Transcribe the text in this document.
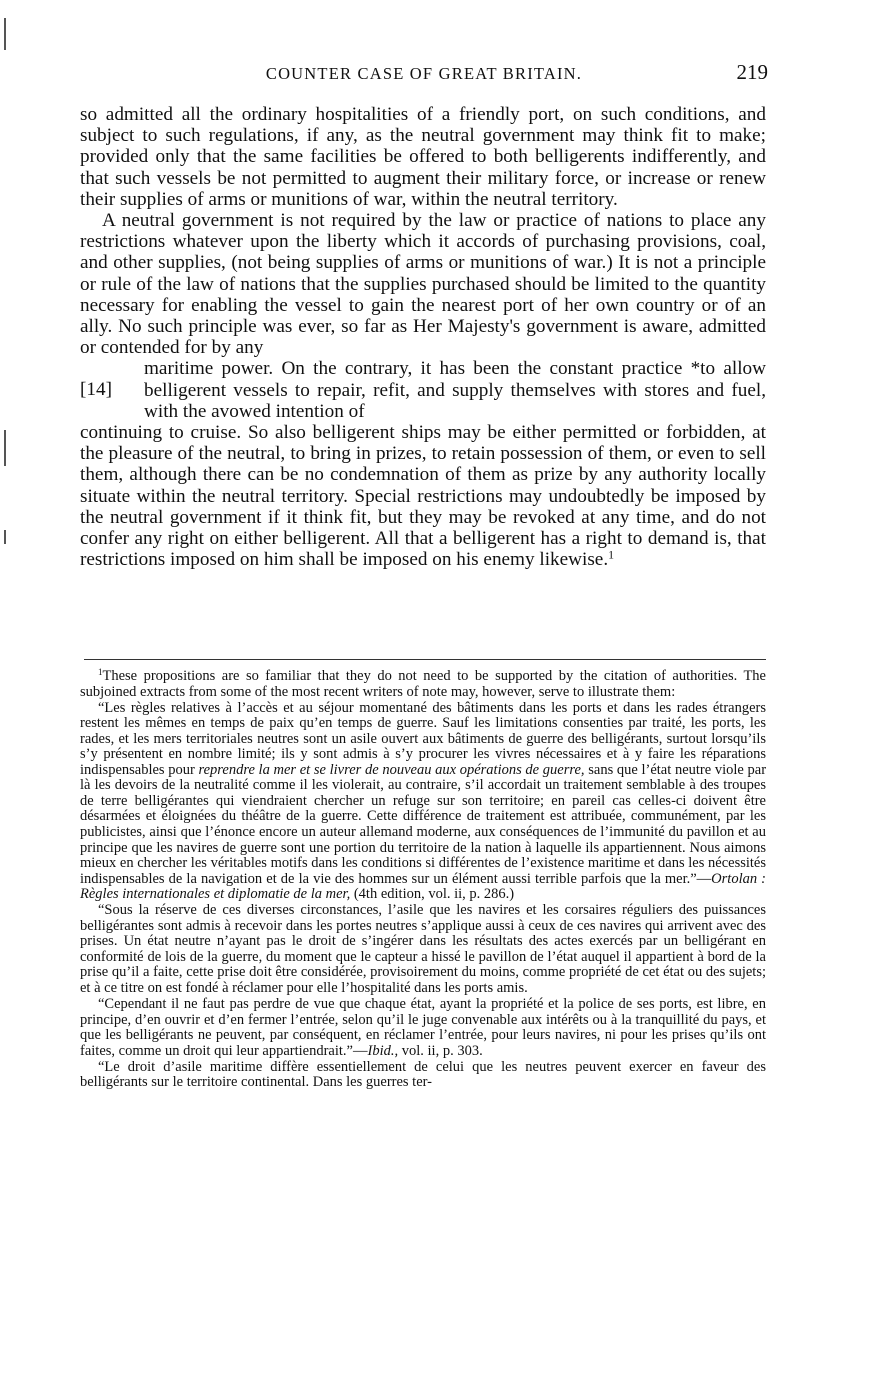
COUNTER CASE OF GREAT BRITAIN.	219

so admitted all the ordinary hospitalities of a friendly port, on such conditions, and subject to such regulations, if any, as the neutral government may think fit to make; provided only that the same facilities be offered to both belligerents indifferently, and that such vessels be not permitted to augment their military force, or increase or renew their supplies of arms or munitions of war, within the neutral territory.

A neutral government is not required by the law or practice of nations to place any restrictions whatever upon the liberty which it accords of purchasing provisions, coal, and other supplies, (not being supplies of arms or munitions of war.) It is not a principle or rule of the law of nations that the supplies purchased should be limited to the quantity necessary for enabling the vessel to gain the nearest port of her own country or of an ally. No such principle was ever, so far as Her Majesty's government is aware, admitted or contended for by any

[14]

maritime power. On the contrary, it has been the constant practice *to allow belligerent vessels to repair, refit, and supply themselves with stores and fuel, with the avowed intention of

continuing to cruise. So also belligerent ships may be either permitted or forbidden, at the pleasure of the neutral, to bring in prizes, to retain possession of them, or even to sell them, although there can be no condemnation of them as prize by any authority locally situate within the neutral territory. Special restrictions may undoubtedly be imposed by the neutral government if it think fit, but they may be revoked at any time, and do not confer any right on either belligerent. All that a belligerent has a right to demand is, that restrictions imposed on him shall be imposed on his enemy likewise.$^1$

$^1$These propositions are so familiar that they do not need to be supported by the citation of authorities. The subjoined extracts from some of the most recent writers of note may, however, serve to illustrate them:

“Les règles relatives à l’accès et au séjour momentané des bâtiments dans les ports et dans les rades étrangers restent les mêmes en temps de paix qu’en temps de guerre. Sauf les limitations consenties par traité, les ports, les rades, et les mers territoriales neutres sont un asile ouvert aux bâtiments de guerre des belligérants, surtout lorsqu’ils s’y présentent en nombre limité; ils y sont admis à s’y procurer les vivres nécessaires et à y faire les réparations indispensables pour reprendre la mer et se livrer de nouveau aux opérations de guerre, sans que l’état neutre viole par là les devoirs de la neutralité comme il les violerait, au contraire, s’il accordait un traitement semblable à des troupes de terre belligérantes qui viendraient chercher un refuge sur son territoire; en pareil cas celles-ci doivent être désarmées et éloignées du théâtre de la guerre. Cette différence de traitement est attribuée, communément, par les publicistes, ainsi que l’énonce encore un auteur allemand moderne, aux conséquences de l’immunité du pavillon et au principe que les navires de guerre sont une portion du territoire de la nation à laquelle ils appartiennent. Nous aimons mieux en chercher les véritables motifs dans les conditions si différentes de l’existence maritime et dans les nécessités indispensables de la navigation et de la vie des hommes sur un élément aussi terrible parfois que la mer.”—Ortolan : Règles internationales et diplomatie de la mer, (4th edition, vol. ii, p. 286.)

“Sous la réserve de ces diverses circonstances, l’asile que les navires et les corsaires réguliers des puissances belligérantes sont admis à recevoir dans les portes neutres s’applique aussi à ceux de ces navires qui arrivent avec des prises. Un état neutre n’ayant pas le droit de s’ingérer dans les résultats des actes exercés par un belligérant en conformité de lois de la guerre, du moment que le capteur a hissé le pavillon de l’état auquel il appartient à bord de la prise qu’il a faite, cette prise doit être considérée, provisoirement du moins, comme propriété de cet état ou des sujets; et à ce titre on est fondé à réclamer pour elle l’hospitalité dans les ports amis.

“Cependant il ne faut pas perdre de vue que chaque état, ayant la propriété et la police de ses ports, est libre, en principe, d’en ouvrir et d’en fermer l’entrée, selon qu’il le juge convenable aux intérêts ou à la tranquillité du pays, et que les belligérants ne peuvent, par conséquent, en réclamer l’entrée, pour leurs navires, ni pour les prises qu’ils ont faites, comme un droit qui leur appartiendrait.”—Ibid., vol. ii, p. 303.

“Le droit d’asile maritime diffère essentiellement de celui que les neutres peuvent exercer en faveur des belligérants sur le territoire continental. Dans les guerres ter-
